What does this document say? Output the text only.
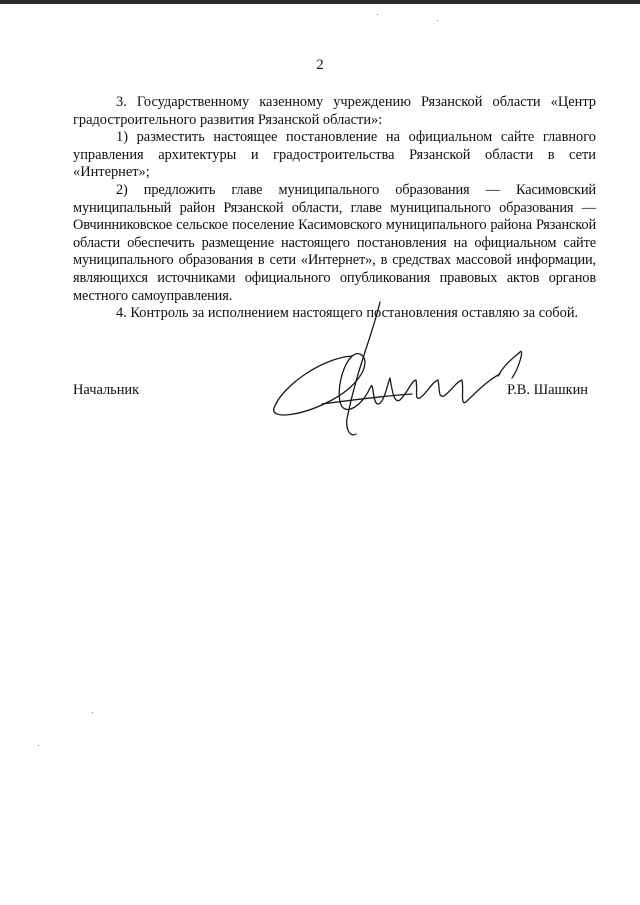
2

3. Государственному казенному учреждению Рязанской области «Центр градостроительного развития Рязанской области»:

1) разместить настоящее постановление на официальном сайте главного управления архитектуры и градостроительства Рязанской области в сети «Интернет»;

2) предложить главе муниципального образования — Касимовский муниципальный район Рязанской области, главе муниципального образования — Овчинниковское сельское поселение Касимовского муниципального района Рязанской области обеспечить размещение настоящего постановления на официальном сайте муниципального образования в сети «Интернет», в средствах массовой информации, являющихся источниками официального опубликования правовых актов органов местного самоуправления.

4. Контроль за исполнением настоящего постановления оставляю за собой.

Начальник	Р.В. Шашкин
